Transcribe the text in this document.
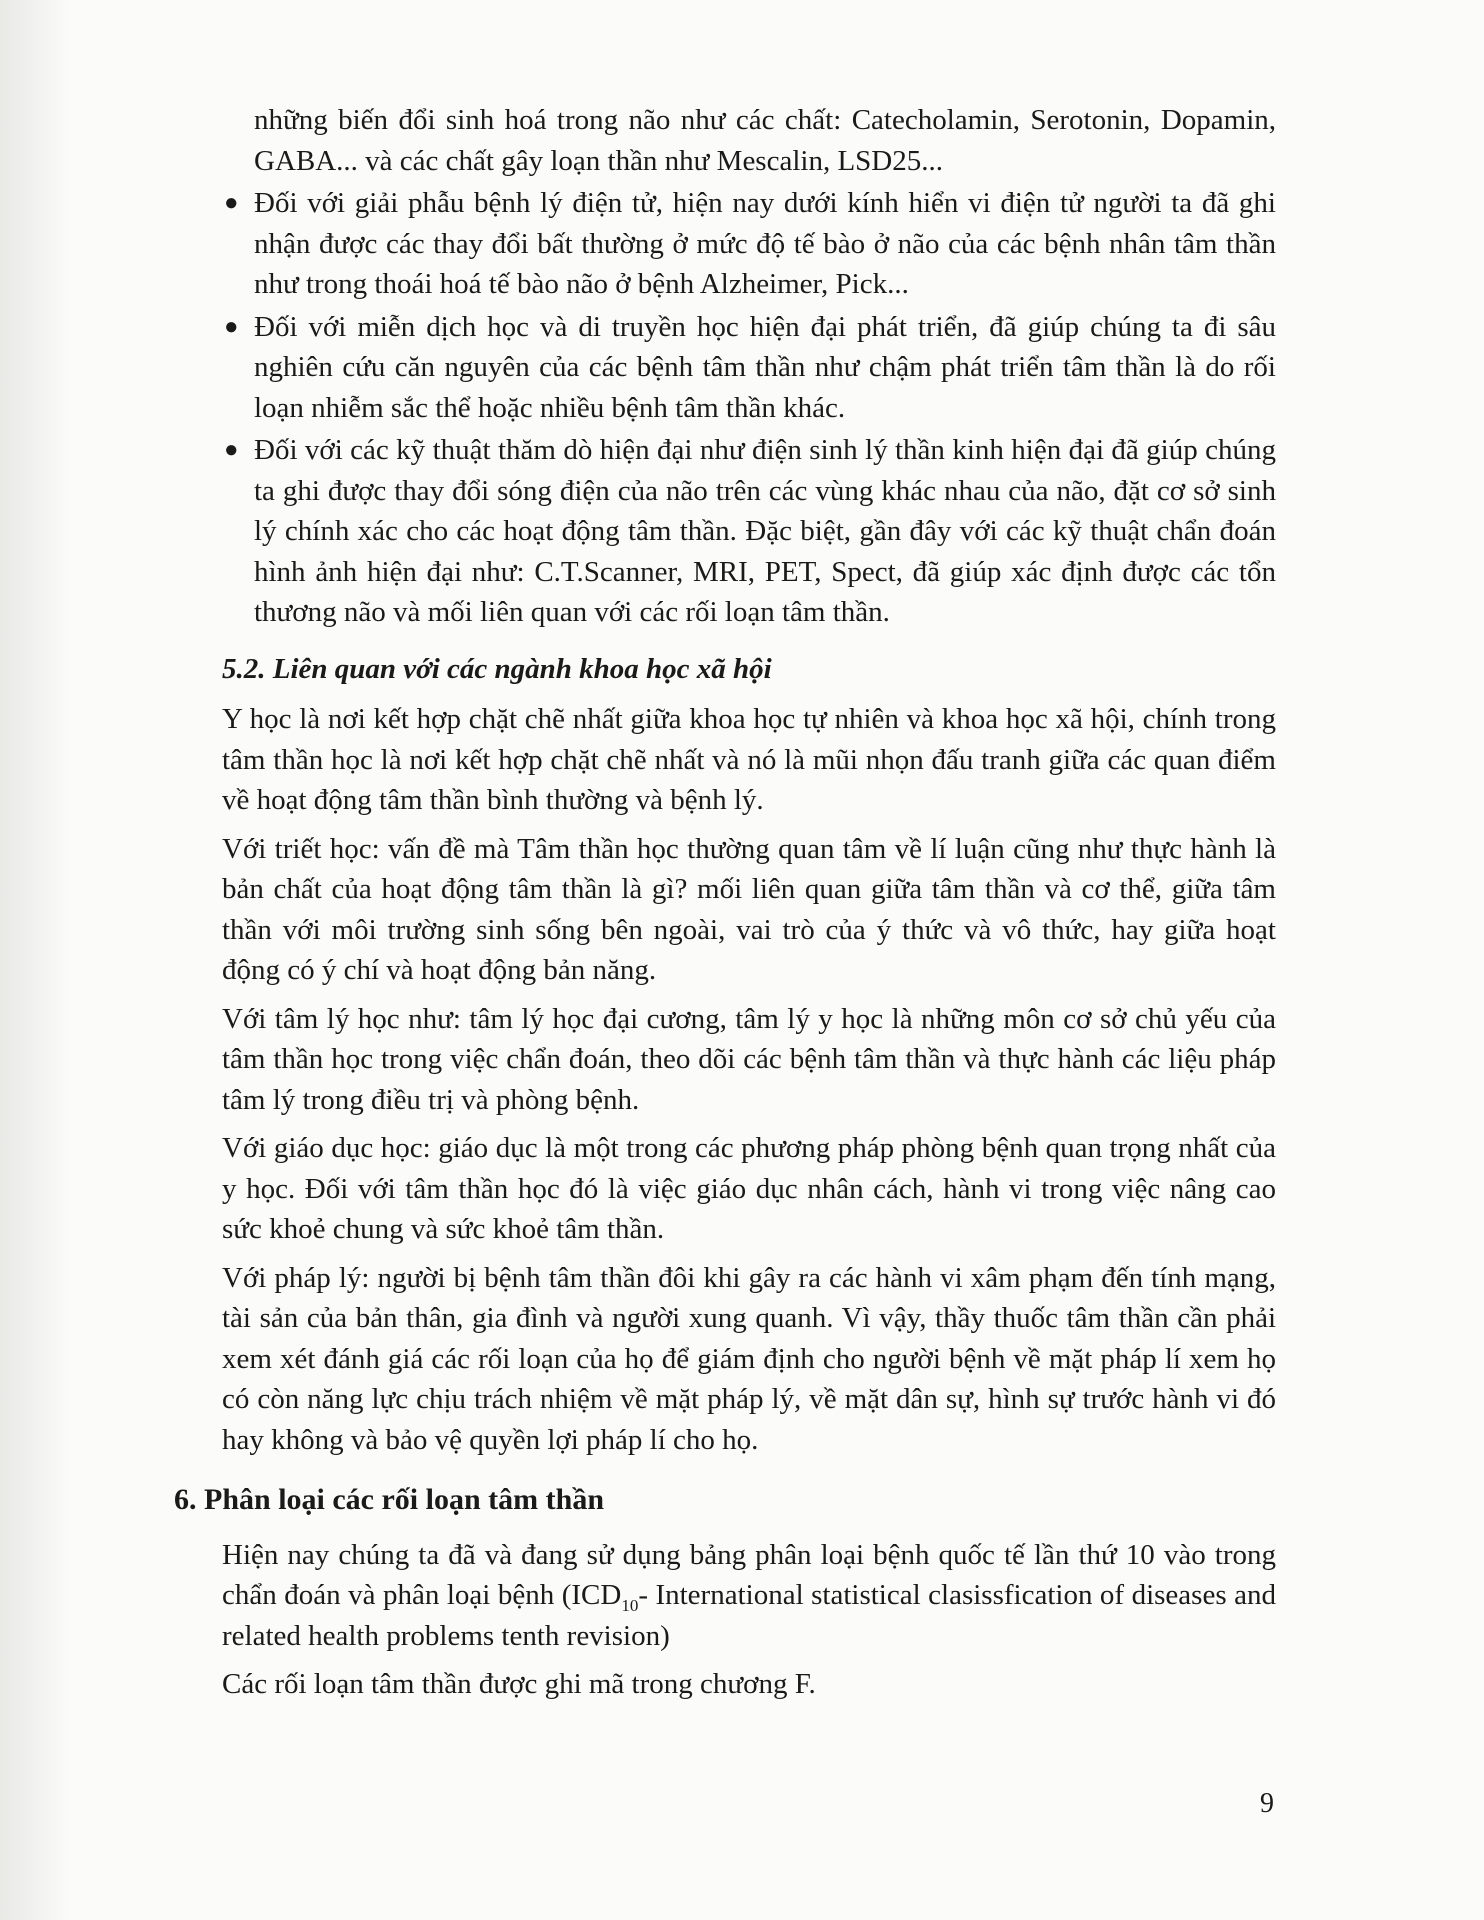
những biến đổi sinh hoá trong não như các chất: Catecholamin, Serotonin, Dopamin, GABA... và các chất gây loạn thần như Mescalin, LSD25...

● Đối với giải phẫu bệnh lý điện tử, hiện nay dưới kính hiển vi điện tử người ta đã ghi nhận được các thay đổi bất thường ở mức độ tế bào ở não của các bệnh nhân tâm thần như trong thoái hoá tế bào não ở bệnh Alzheimer, Pick...
● Đối với miễn dịch học và di truyền học hiện đại phát triển, đã giúp chúng ta đi sâu nghiên cứu căn nguyên của các bệnh tâm thần như chậm phát triển tâm thần là do rối loạn nhiễm sắc thể hoặc nhiều bệnh tâm thần khác.
● Đối với các kỹ thuật thăm dò hiện đại như điện sinh lý thần kinh hiện đại đã giúp chúng ta ghi được thay đổi sóng điện của não trên các vùng khác nhau của não, đặt cơ sở sinh lý chính xác cho các hoạt động tâm thần. Đặc biệt, gần đây với các kỹ thuật chẩn đoán hình ảnh hiện đại như: C.T.Scanner, MRI, PET, Spect, đã giúp xác định được các tổn thương não và mối liên quan với các rối loạn tâm thần.

5.2. Liên quan với các ngành khoa học xã hội

Y học là nơi kết hợp chặt chẽ nhất giữa khoa học tự nhiên và khoa học xã hội, chính trong tâm thần học là nơi kết hợp chặt chẽ nhất và nó là mũi nhọn đấu tranh giữa các quan điểm về hoạt động tâm thần bình thường và bệnh lý.

Với triết học: vấn đề mà Tâm thần học thường quan tâm về lí luận cũng như thực hành là bản chất của hoạt động tâm thần là gì? mối liên quan giữa tâm thần và cơ thể, giữa tâm thần với môi trường sinh sống bên ngoài, vai trò của ý thức và vô thức, hay giữa hoạt động có ý chí và hoạt động bản năng.

Với tâm lý học như: tâm lý học đại cương, tâm lý y học là những môn cơ sở chủ yếu của tâm thần học trong việc chẩn đoán, theo dõi các bệnh tâm thần và thực hành các liệu pháp tâm lý trong điều trị và phòng bệnh.

Với giáo dục học: giáo dục là một trong các phương pháp phòng bệnh quan trọng nhất của y học. Đối với tâm thần học đó là việc giáo dục nhân cách, hành vi trong việc nâng cao sức khoẻ chung và sức khoẻ tâm thần.

Với pháp lý: người bị bệnh tâm thần đôi khi gây ra các hành vi xâm phạm đến tính mạng, tài sản của bản thân, gia đình và người xung quanh. Vì vậy, thầy thuốc tâm thần cần phải xem xét đánh giá các rối loạn của họ để giám định cho người bệnh về mặt pháp lí xem họ có còn năng lực chịu trách nhiệm về mặt pháp lý, về mặt dân sự, hình sự trước hành vi đó hay không và bảo vệ quyền lợi pháp lí cho họ.

6. Phân loại các rối loạn tâm thần

Hiện nay chúng ta đã và đang sử dụng bảng phân loại bệnh quốc tế lần thứ 10 vào trong chẩn đoán và phân loại bệnh ($ICD_{10}-$ International statistical clasissfication of diseases and related health problems tenth revision)

Các rối loạn tâm thần được ghi mã trong chương F.

9
